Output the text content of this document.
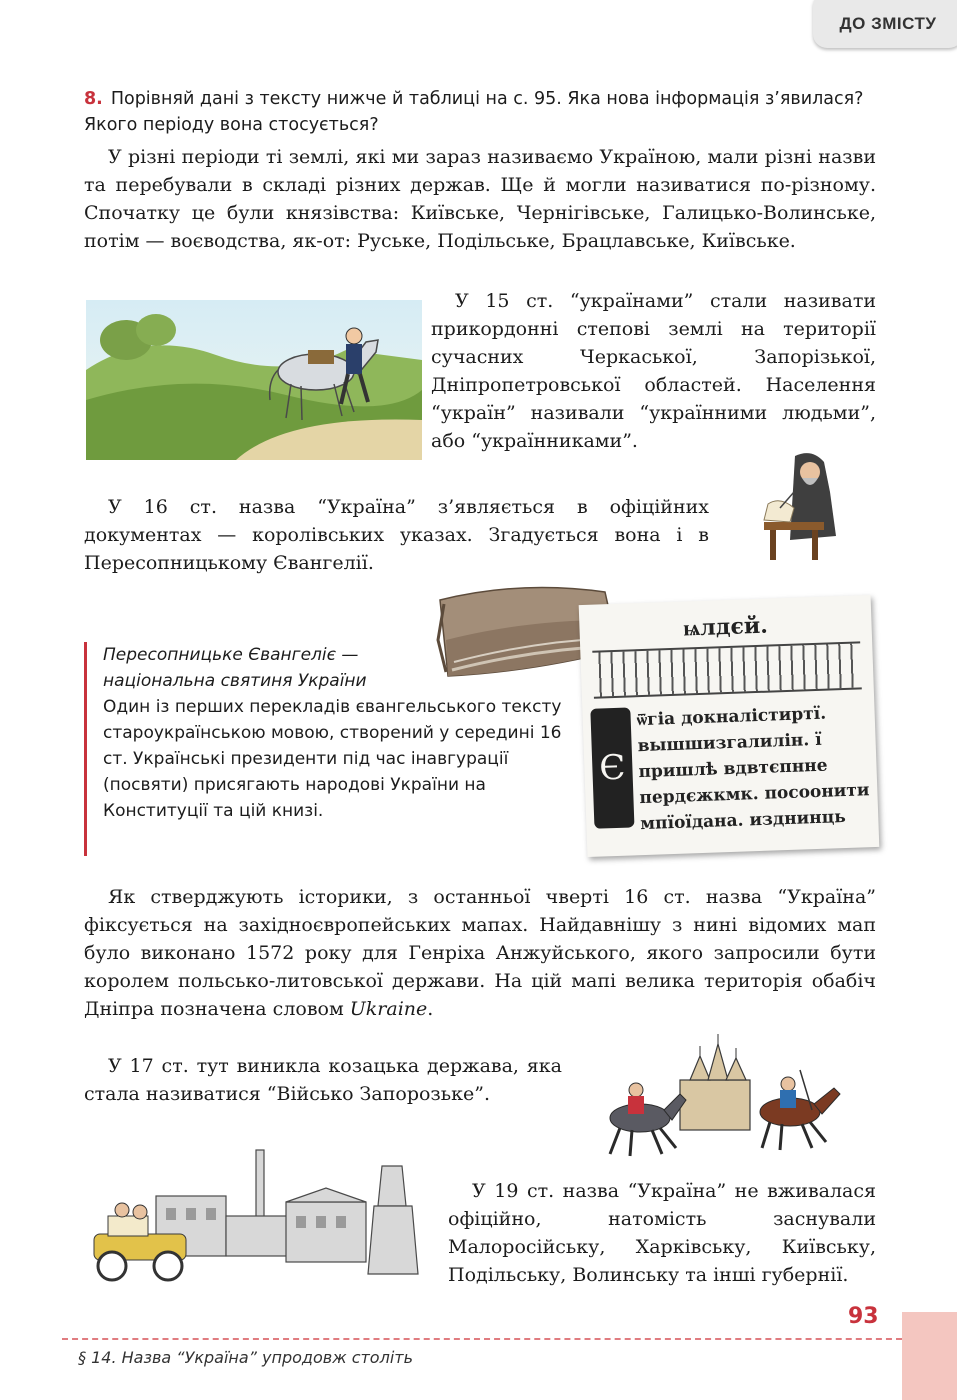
ДО ЗМІСТУ
8. Порівняй дані з тексту нижче й таблиці на с. 95. Яка нова інформація з’явилася? Якого періоду вона стосується?

У різні періоди ті землі, які ми зараз називаємо Україною, мали різні назви та перебували в складі різних держав. Ще й могли називатися по-різному. Спочатку це були князівства: Київське, Чернігівське, Галицько-Волинське, потім — воєводства, як-от: Руське, Подільське, Брацлавське, Київське.

У 15 ст. “українами” стали називати прикордонні степові землі на території сучасних Черкаської, Запорізької, Дніпропетровської областей. Населення “україн” називали “українними людьми”, або “українниками”.

У 16 ст. назва “Україна” з’являється в офіційних документах — королівських указах. Згадується вона і в Пересопницькому Євангелії.

Пересопницьке Євангеліє —
національна святиня України
Один із перших перекладів євангельського тексту староукраїнською мовою, створений у середині 16 ст. Українські президенти під час інавгурації (посвяти) присягають народові України на Конституції та цій книзі.
ѩлдєй.
Є
ѿгіа докналістиртї.
вышшизгалилін. ї
пришлѣ вдвтєпнне
пердєжкмк. посоонити
мпїоїдана. изднинць

Як стверджують історики, з останньої чверті 16 ст. назва “Україна” фіксується на західноєвропейських мапах. Найдавнішу з нині відомих мап було виконано 1572 року для Генріха Анжуйського, якого запросили бути королем польсько-литовської держави. На цій мапі велика територія обабіч Дніпра позначена словом Ukraine.

У 17 ст. тут виникла козацька держава, яка стала називатися “Військо Запорозьке”.

У 19 ст. назва “Україна” не вживалася офіційно, натомість заснували Малоросійську, Харківську, Київську, Подільську, Волинську та інші губернії.

93
§ 14. Назва “Україна” упродовж століть
